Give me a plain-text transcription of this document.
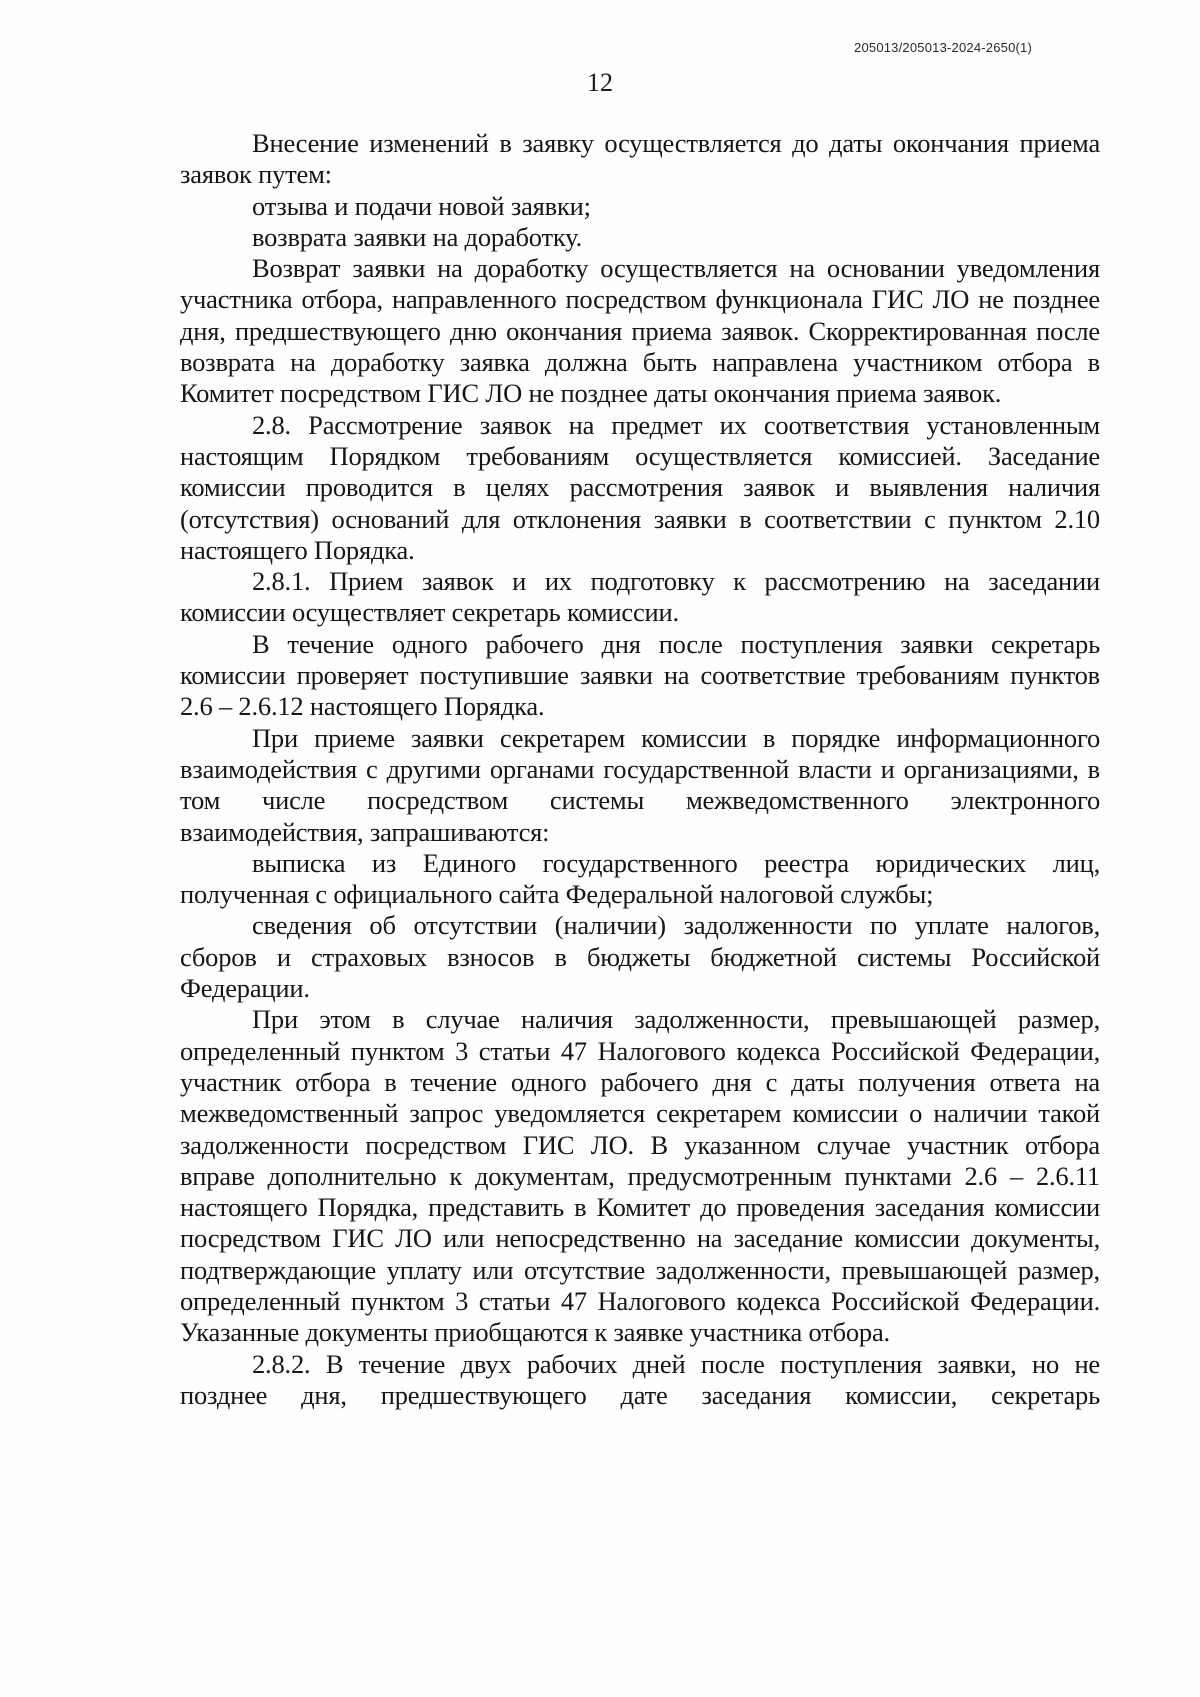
205013/205013-2024-2650(1)
12

Внесение изменений в заявку осуществляется до даты окончания приема заявок путем:

отзыва и подачи новой заявки;

возврата заявки на доработку.

Возврат заявки на доработку осуществляется на основании уведомления участника отбора, направленного посредством функционала ГИС ЛО не позднее дня, предшествующего дню окончания приема заявок. Скорректированная после возврата на доработку заявка должна быть направлена участником отбора в Комитет посредством ГИС ЛО не позднее даты окончания приема заявок.

2.8. Рассмотрение заявок на предмет их соответствия установленным настоящим Порядком требованиям осуществляется комиссией. Заседание комиссии проводится в целях рассмотрения заявок и выявления наличия (отсутствия) оснований для отклонения заявки в соответствии с пунктом 2.10 настоящего Порядка.

2.8.1. Прием заявок и их подготовку к рассмотрению на заседании комиссии осуществляет секретарь комиссии.

В течение одного рабочего дня после поступления заявки секретарь комиссии проверяет поступившие заявки на соответствие требованиям пунктов 2.6 – 2.6.12 настоящего Порядка.

При приеме заявки секретарем комиссии в порядке информационного взаимодействия с другими органами государственной власти и организациями, в том числе посредством системы межведомственного электронного взаимодействия, запрашиваются:

выписка из Единого государственного реестра юридических лиц, полученная с официального сайта Федеральной налоговой службы;

сведения об отсутствии (наличии) задолженности по уплате налогов, сборов и страховых взносов в бюджеты бюджетной системы Российской Федерации.

При этом в случае наличия задолженности, превышающей размер, определенный пунктом 3 статьи 47 Налогового кодекса Российской Федерации, участник отбора в течение одного рабочего дня с даты получения ответа на межведомственный запрос уведомляется секретарем комиссии о наличии такой задолженности посредством ГИС ЛО. В указанном случае участник отбора вправе дополнительно к документам, предусмотренным пунктами 2.6 – 2.6.11 настоящего Порядка, представить в Комитет до проведения заседания комиссии посредством ГИС ЛО или непосредственно на заседание комиссии документы, подтверждающие уплату или отсутствие задолженности, превышающей размер, определенный пунктом 3 статьи 47 Налогового кодекса Российской Федерации. Указанные документы приобщаются к заявке участника отбора.

2.8.2. В течение двух рабочих дней после поступления заявки, но не позднее дня, предшествующего дате заседания комиссии, секретарь
